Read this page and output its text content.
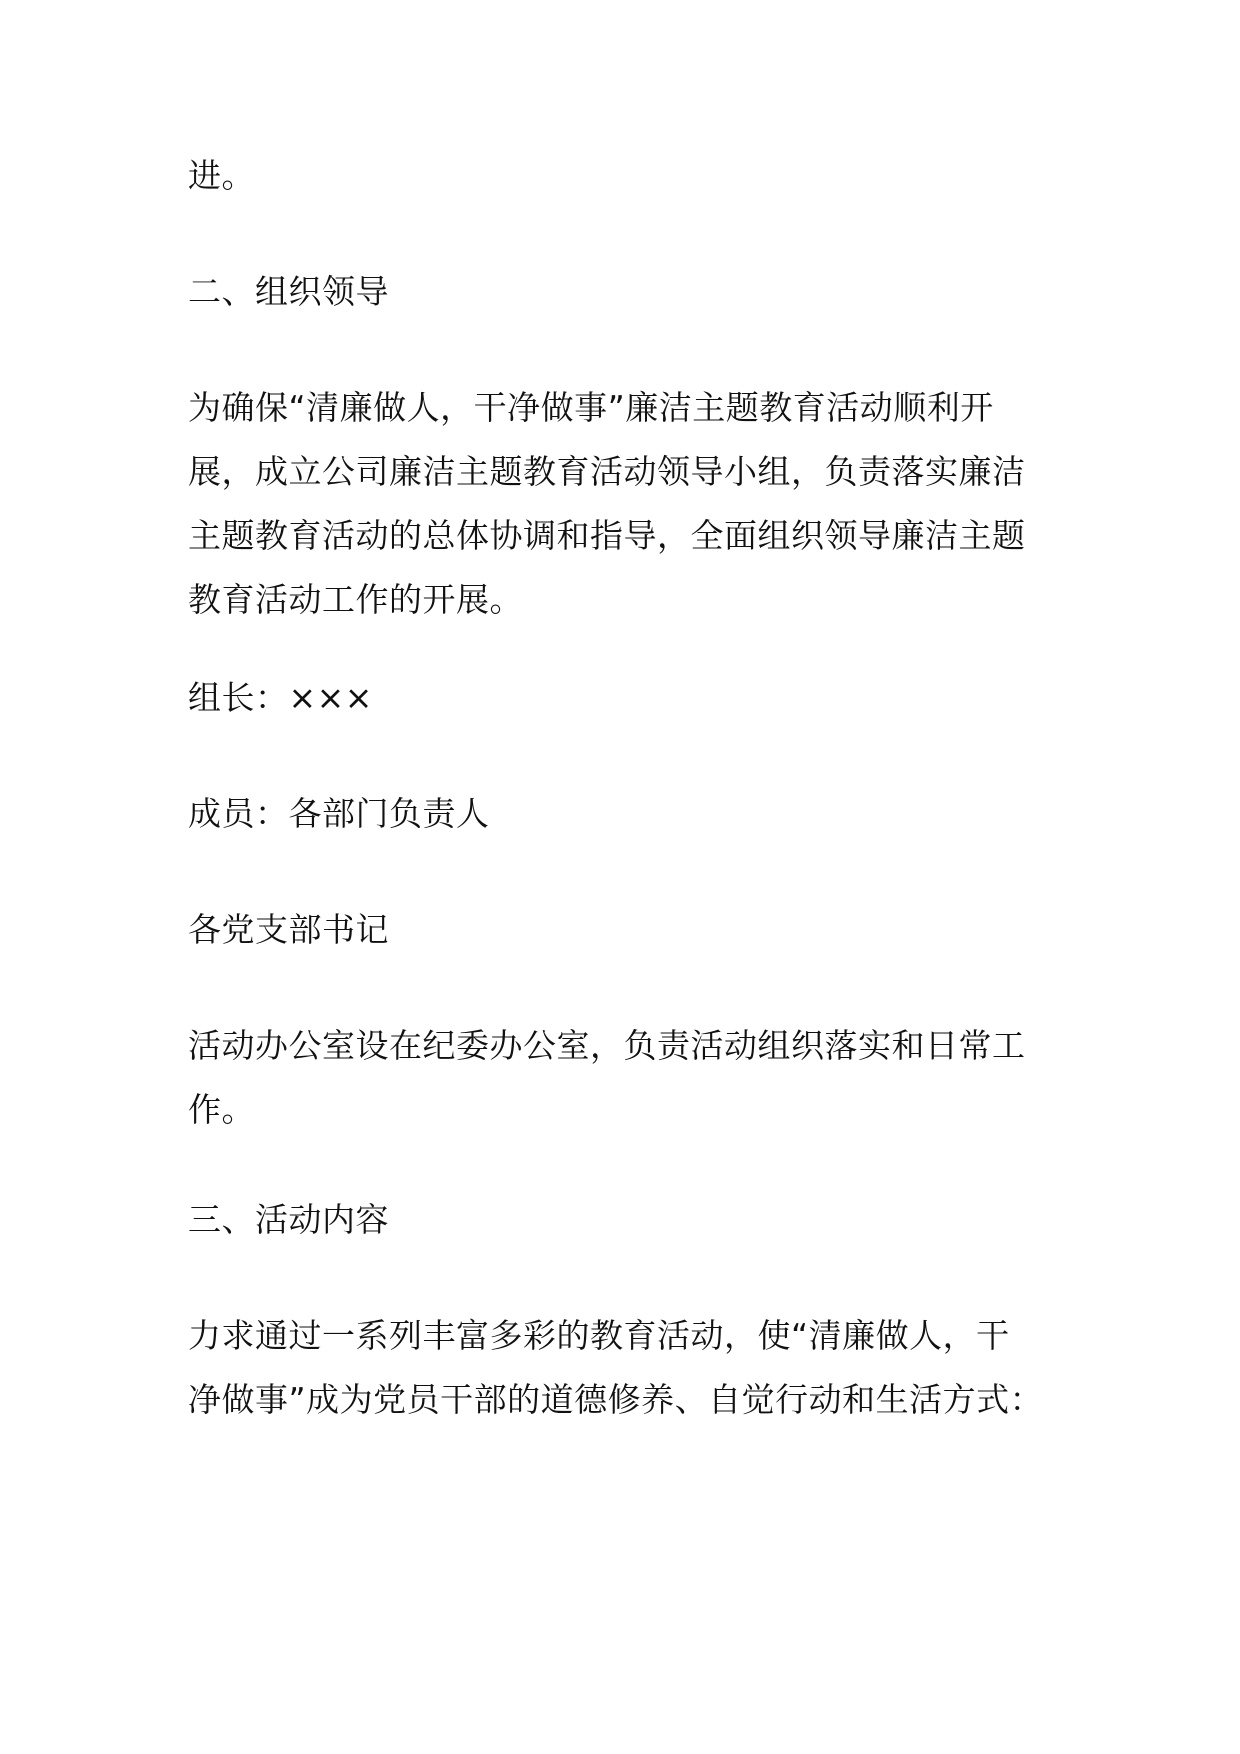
进。

二、组织领导

为确保“清廉做人，干净做事”廉洁主题教育活动顺利开
展，成立公司廉洁主题教育活动领导小组，负责落实廉洁
主题教育活动的总体协调和指导，全面组织领导廉洁主题
教育活动工作的开展。

组长：×××

成员：各部门负责人

各党支部书记

活动办公室设在纪委办公室，负责活动组织落实和日常工
作。

三、活动内容

力求通过一系列丰富多彩的教育活动，使“清廉做人，干
净做事”成为党员干部的道德修养、自觉行动和生活方式：
